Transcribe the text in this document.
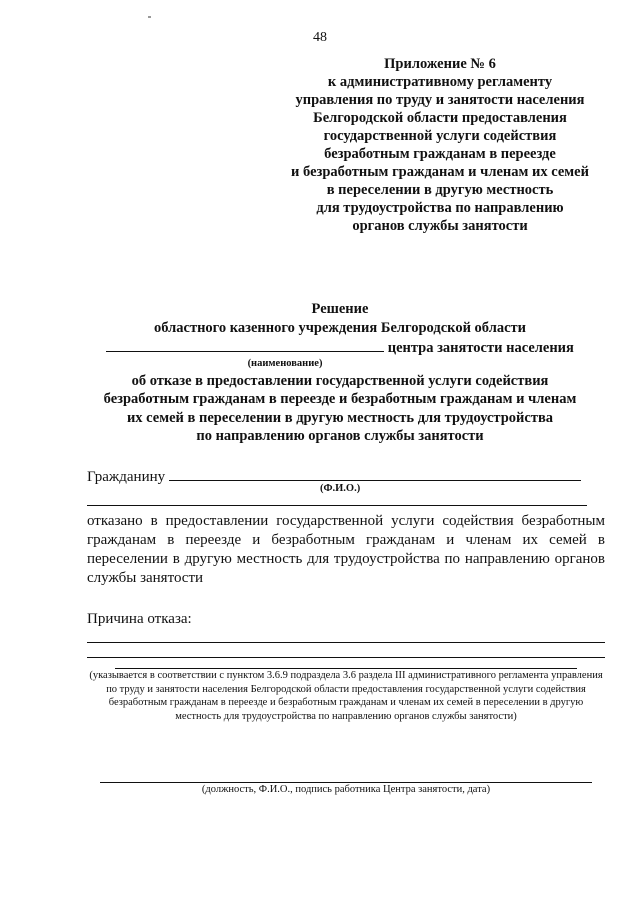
48
Приложение № 6
к административному регламенту
управления по труду и занятости населения
Белгородской области предоставления
государственной услуги содействия
безработным гражданам в переезде
и безработным гражданам и членам их семей
в переселении в другую местность
для трудоустройства по направлению
органов службы занятости
Решение
областного казенного учреждения Белгородской области
центра занятости населения
(наименование)
об отказе в предоставлении государственной услуги содействия
безработным гражданам в переезде и безработным гражданам и членам
их семей в переселении в другую местность для трудоустройства
по направлению органов службы занятости
Гражданину
(Ф.И.О.)
отказано в предоставлении государственной услуги содействия безработным гражданам в переезде и безработным гражданам и членам их семей в переселении в другую местность для трудоустройства по направлению органов службы занятости
Причина отказа:
(указывается в соответствии с пунктом 3.6.9 подраздела 3.6 раздела III административного регламента управления по труду и занятости населения Белгородской области предоставления государственной услуги содействия безработным гражданам в переезде и безработным гражданам и членам их семей в переселении в другую местность для трудоустройства по направлению органов службы занятости)
(должность, Ф.И.О., подпись работника Центра занятости, дата)
